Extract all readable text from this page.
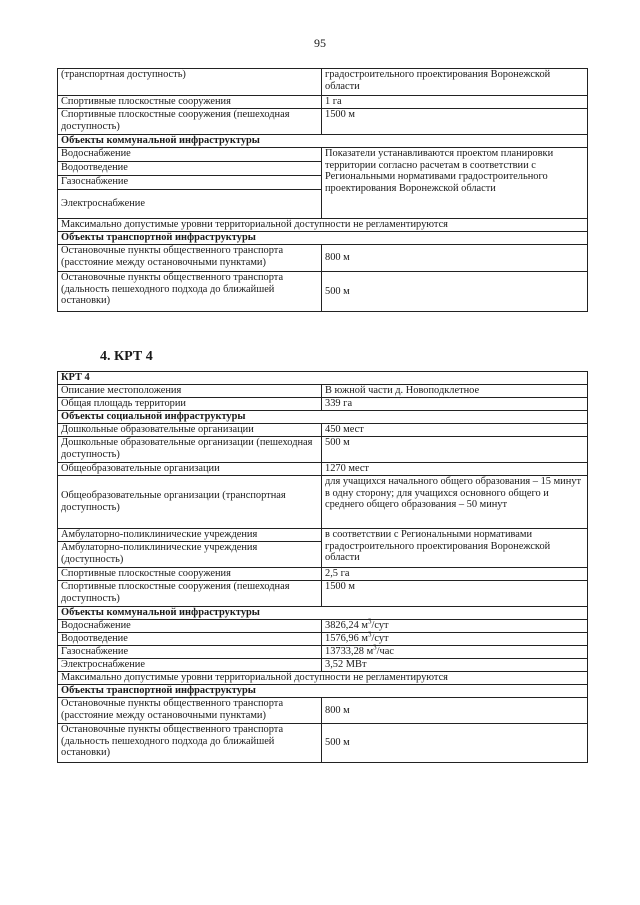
95
(транспортная доступность)	градостроительного проектирования Воронежской области
Спортивные плоскостные сооружения	1 га
Спортивные плоскостные сооружения (пешеходная доступность)	1500 м
Объекты коммунальной инфраструктуры	
Водоснабжение	Показатели устанавливаются проектом планировки территории согласно расчетам в соответствии с Региональными нормативами градостроительного проектирования Воронежской области
Водоотведение	
Газоснабжение	
Электроснабжение	
Максимально допустимые уровни территориальной доступности не регламентируются	
Объекты транспортной инфраструктуры	
Остановочные пункты общественного транспорта (расстояние между остановочными пунктами)	800 м
Остановочные пункты общественного транспорта (дальность пешеходного подхода до ближайшей остановки)	500 м
4. КРТ 4
КРТ 4	
Описание местоположения	В южной части д. Новоподклетное
Общая площадь территории	339 га
Объекты социальной инфраструктуры	
Дошкольные образовательные организации	450 мест
Дошкольные образовательные организации (пешеходная доступность)	500 м
Общеобразовательные организации	1270 мест
Общеобразовательные организации (транспортная доступность)	для учащихся начального общего образования – 15 минут в одну сторону; для учащихся основного общего и среднего общего образования – 50 минут
Амбулаторно-поликлинические учреждения	в соответствии с Региональными нормативами градостроительного проектирования Воронежской области
Амбулаторно-поликлинические учреждения (доступность)	
Спортивные плоскостные сооружения	2,5 га
Спортивные плоскостные сооружения (пешеходная доступность)	1500 м
Объекты коммунальной инфраструктуры	
Водоснабжение	3826,24 $м^3$/сут
Водоотведение	1576,96 $м^3$/сут
Газоснабжение	13733,28 $м^3$/час
Электроснабжение	3,52 МВт
Максимально допустимые уровни территориальной доступности не регламентируются	
Объекты транспортной инфраструктуры	
Остановочные пункты общественного транспорта (расстояние между остановочными пунктами)	800 м
Остановочные пункты общественного транспорта (дальность пешеходного подхода до ближайшей остановки)	500 м
